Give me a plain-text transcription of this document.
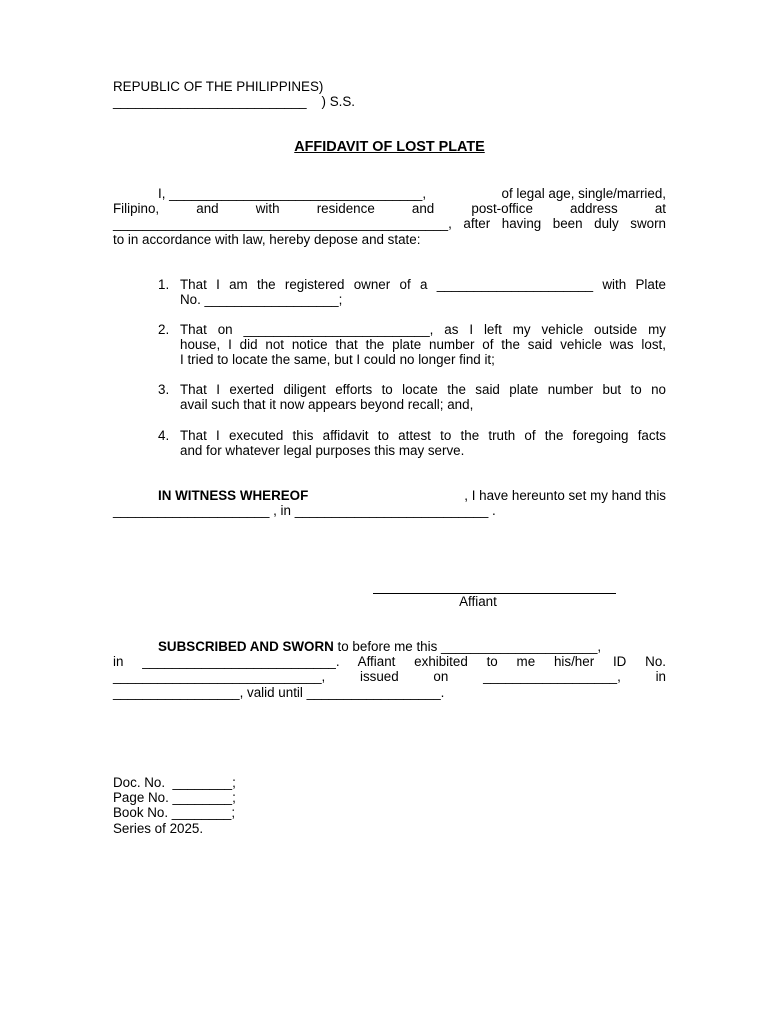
REPUBLIC OF THE PHILIPPINES)
__________________________    ) S.S.
AFFIDAVIT OF LOST PLATE
I, __________________________________,	of legal age, single/married,
Filipino, and with residence and post-office address at
_____________________________________________, after having been duly sworn
to in accordance with law, hereby depose and state:
1. That I am the registered owner of a _____________________ with Plate
No. __________________;
2. That on _________________________, as I left my vehicle outside my
house, I did not notice that the plate number of the said vehicle was lost,
I tried to locate the same, but I could no longer find it;
3. That I exerted diligent efforts to locate the said plate number but to no
avail such that it now appears beyond recall; and,
4. That I executed this affidavit to attest to the truth of the foregoing facts
and for whatever legal purposes this may serve.
IN WITNESS WHEREOF	, I have hereunto set my hand this
_____________________ , in __________________________ .
Affiant
SUBSCRIBED AND SWORN to before me this _____________________,
in __________________________. Affiant exhibited to me his/her ID No.
____________________________, issued on __________________, in
_________________, valid until __________________.
Doc. No.  ________;
Page No. ________;
Book No. ________;
Series of 2025.
